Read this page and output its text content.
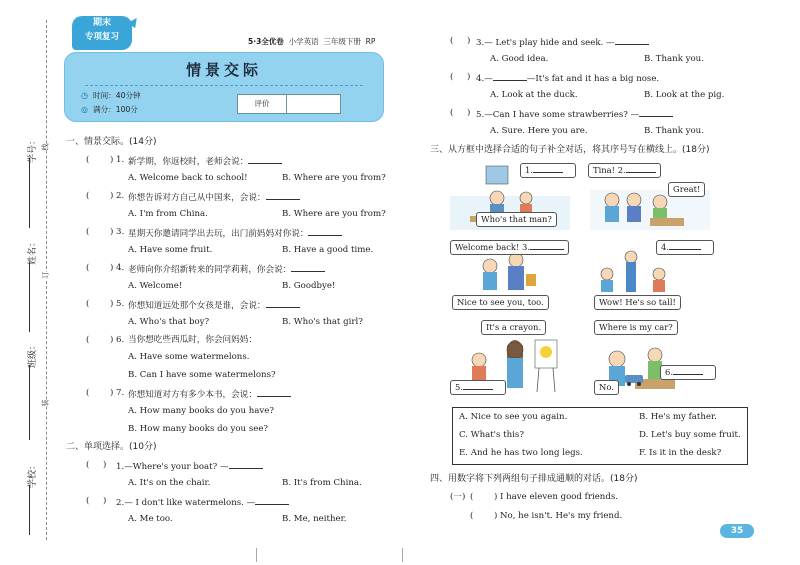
学号：
姓名：
班级：
学校：
线
订
装
期末
专项复习
▲
5·3全优卷 小学英语 三年级下册 RP
情景交际
◷ 时间：40分钟
◎ 满分：100分
评价
一、情景交际。(14分)
( ) 1. 新学期，你返校时，老师会说：
A. Welcome back to school!	B. Where are you from?
( ) 2. 你想告诉对方自己从中国来，会说：
A. I'm from China.	B. Where are you from?
( ) 3. 星期天你邀请同学出去玩，出门前妈妈对你说：
A. Have some fruit.	B. Have a good time.
( ) 4. 老师向你介绍新转来的同学莉莉，你会说：
A. Welcome!	B. Goodbye!
( ) 5. 你想知道远处那个女孩是谁，会说：
A. Who's that boy?	B. Who's that girl?
( ) 6. 当你想吃些西瓜时，你会问妈妈：
A. Have some watermelons.
B. Can I have some watermelons?
( ) 7. 你想知道对方有多少本书，会说：
A. How many books do you have?
B. How many books do you see?
二、单项选择。(10分)
(     ) 1.—Where's your boat? —
A. It's on the chair.	B. It's from China.
(     ) 2.— I don't like watermelons. —
A. Me too.	B. Me, neither.
(     ) 3.— Let's play hide and seek. —
A. Good idea.	B. Thank you.
(     ) 4.—	—It's fat and it has a big nose.
A. Look at the duck.	B. Look at the pig.
(     ) 5.—Can I have some strawberries? —
A. Sure. Here you are.	B. Thank you.
三、从方框中选择合适的句子补全对话，将其序号写在横线上。(18分)
1.
Who's that man?
Tina! 2.
Great!
Welcome back! 3.
Nice to see you, too.
4.
Wow! He's so tall!
It's a crayon.
5.
Where is my car?
6.
No.
A. Nice to see you again.	B. He's my father.
C. What's this?	D. Let's buy some fruit.
E. And he has two long legs.	F. Is it in the desk?
四、用数字将下列两组句子排成通顺的对话。(18分)
(一) ( ) I have eleven good friends.
( ) No, he isn't. He's my friend.
35
